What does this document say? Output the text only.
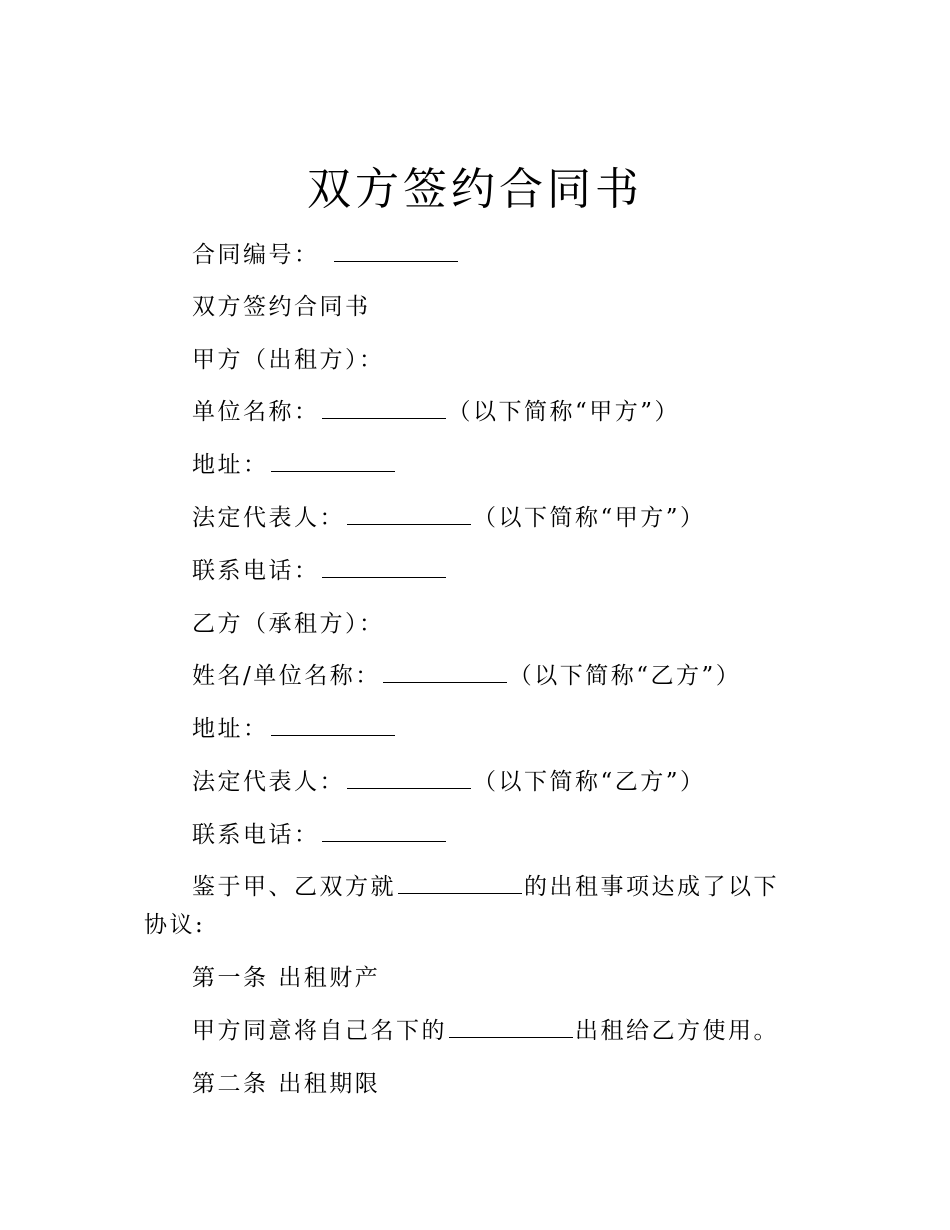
双方签约合同书
合同编号：
双方签约合同书
甲方（出租方）：
单位名称：	（以下简称“甲方”）
地址：
法定代表人：	（以下简称“甲方”）
联系电话：
乙方（承租方）：
姓名/单位名称：	（以下简称“乙方”）
地址：
法定代表人：	（以下简称“乙方”）
联系电话：
鉴于甲、乙双方就	的出租事项达成了以下协议:
第一条 出租财产
甲方同意将自己名下的	出租给乙方使用。
第二条 出租期限
